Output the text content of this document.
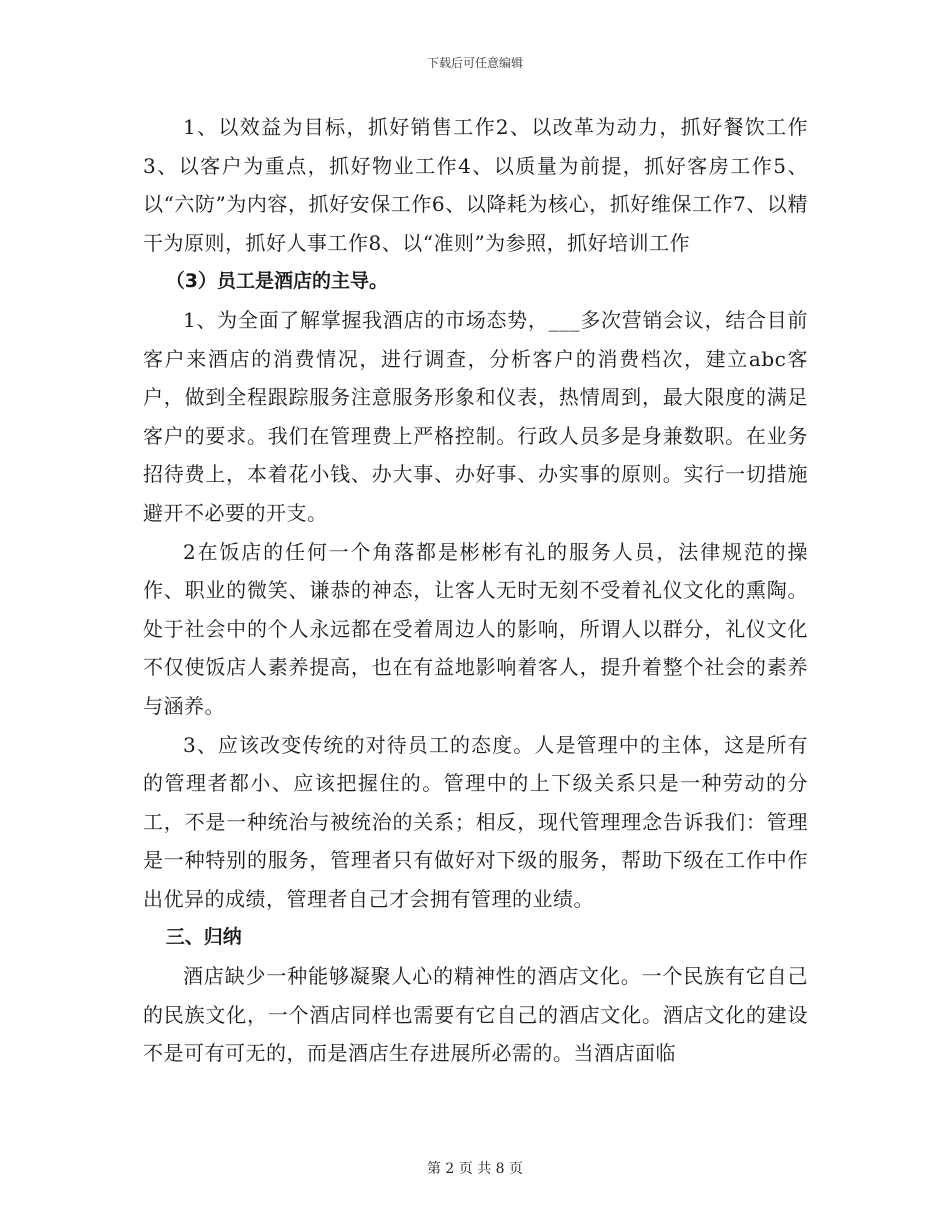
下载后可任意编辑

1、以效益为目标，抓好销售工作2、以改革为动力，抓好餐饮工作3、以客户为重点，抓好物业工作4、以质量为前提，抓好客房工作5、以“六防”为内容，抓好安保工作6、以降耗为核心，抓好维保工作7、以精干为原则，抓好人事工作8、以“准则”为参照，抓好培训工作

（3）员工是酒店的主导。

1、为全面了解掌握我酒店的市场态势，___多次营销会议，结合目前客户来酒店的消费情况，进行调查，分析客户的消费档次，建立abc客户，做到全程跟踪服务注意服务形象和仪表，热情周到，最大限度的满足客户的要求。我们在管理费上严格控制。行政人员多是身兼数职。在业务招待费上，本着花小钱、办大事、办好事、办实事的原则。实行一切措施避开不必要的开支。

2在饭店的任何一个角落都是彬彬有礼的服务人员，法律规范的操作、职业的微笑、谦恭的神态，让客人无时无刻不受着礼仪文化的熏陶。处于社会中的个人永远都在受着周边人的影响，所谓人以群分，礼仪文化不仅使饭店人素养提高，也在有益地影响着客人，提升着整个社会的素养与涵养。

3、应该改变传统的对待员工的态度。人是管理中的主体，这是所有的管理者都小、应该把握住的。管理中的上下级关系只是一种劳动的分工，不是一种统治与被统治的关系；相反，现代管理理念告诉我们：管理是一种特别的服务，管理者只有做好对下级的服务，帮助下级在工作中作出优异的成绩，管理者自己才会拥有管理的业绩。

三、归纳

酒店缺少一种能够凝聚人心的精神性的酒店文化。一个民族有它自己的民族文化，一个酒店同样也需要有它自己的酒店文化。酒店文化的建设不是可有可无的，而是酒店生存进展所必需的。当酒店面临

第 2 页 共 8 页
